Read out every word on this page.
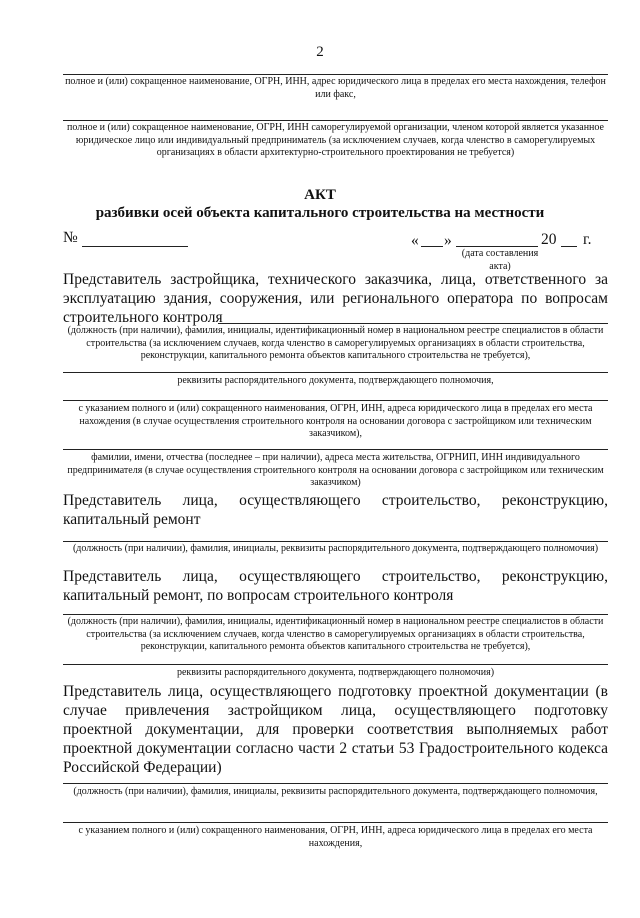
2
полное и (или) сокращенное наименование, ОГРН, ИНН, адрес юридического лица в пределах его места нахождения, телефон или факс,
полное и (или) сокращенное наименование, ОГРН, ИНН саморегулируемой организации, членом которой является указанное юридическое лицо или индивидуальный предприниматель (за исключением случаев, когда членство в саморегулируемых организациях в области архитектурно-строительного проектирования не требуется)
АКТ
разбивки осей объекта капитального строительства на местности
№	« »	20 г.
(дата составления акта)
Представитель застройщика, технического заказчика, лица, ответственного за эксплуатацию здания, сооружения, или регионального оператора по вопросам строительного контроля
(должность (при наличии), фамилия, инициалы, идентификационный номер в национальном реестре специалистов в области строительства (за исключением случаев, когда членство в саморегулируемых организациях в области строительства, реконструкции, капитального ремонта объектов капитального строительства не требуется),
реквизиты распорядительного документа, подтверждающего полномочия,
с указанием полного и (или) сокращенного наименования, ОГРН, ИНН, адреса юридического лица в пределах его места нахождения (в случае осуществления строительного контроля на основании договора с застройщиком или техническим заказчиком),
фамилии, имени, отчества (последнее – при наличии), адреса места жительства, ОГРНИП, ИНН индивидуального предпринимателя (в случае осуществления строительного контроля на основании договора с застройщиком или техническим заказчиком)
Представитель лица, осуществляющего строительство, реконструкцию, капитальный ремонт
(должность (при наличии), фамилия, инициалы, реквизиты распорядительного документа, подтверждающего полномочия)
Представитель лица, осуществляющего строительство, реконструкцию, капитальный ремонт, по вопросам строительного контроля
(должность (при наличии), фамилия, инициалы, идентификационный номер в национальном реестре специалистов в области строительства (за исключением случаев, когда членство в саморегулируемых организациях в области строительства, реконструкции, капитального ремонта объектов капитального строительства не требуется),
реквизиты распорядительного документа, подтверждающего полномочия)
Представитель лица, осуществляющего подготовку проектной документации (в случае привлечения застройщиком лица, осуществляющего подготовку проектной документации, для проверки соответствия выполняемых работ проектной документации согласно части 2 статьи 53 Градостроительного кодекса Российской Федерации)
(должность (при наличии), фамилия, инициалы, реквизиты распорядительного документа, подтверждающего полномочия,
с указанием полного и (или) сокращенного наименования, ОГРН, ИНН, адреса юридического лица в пределах его места нахождения,
